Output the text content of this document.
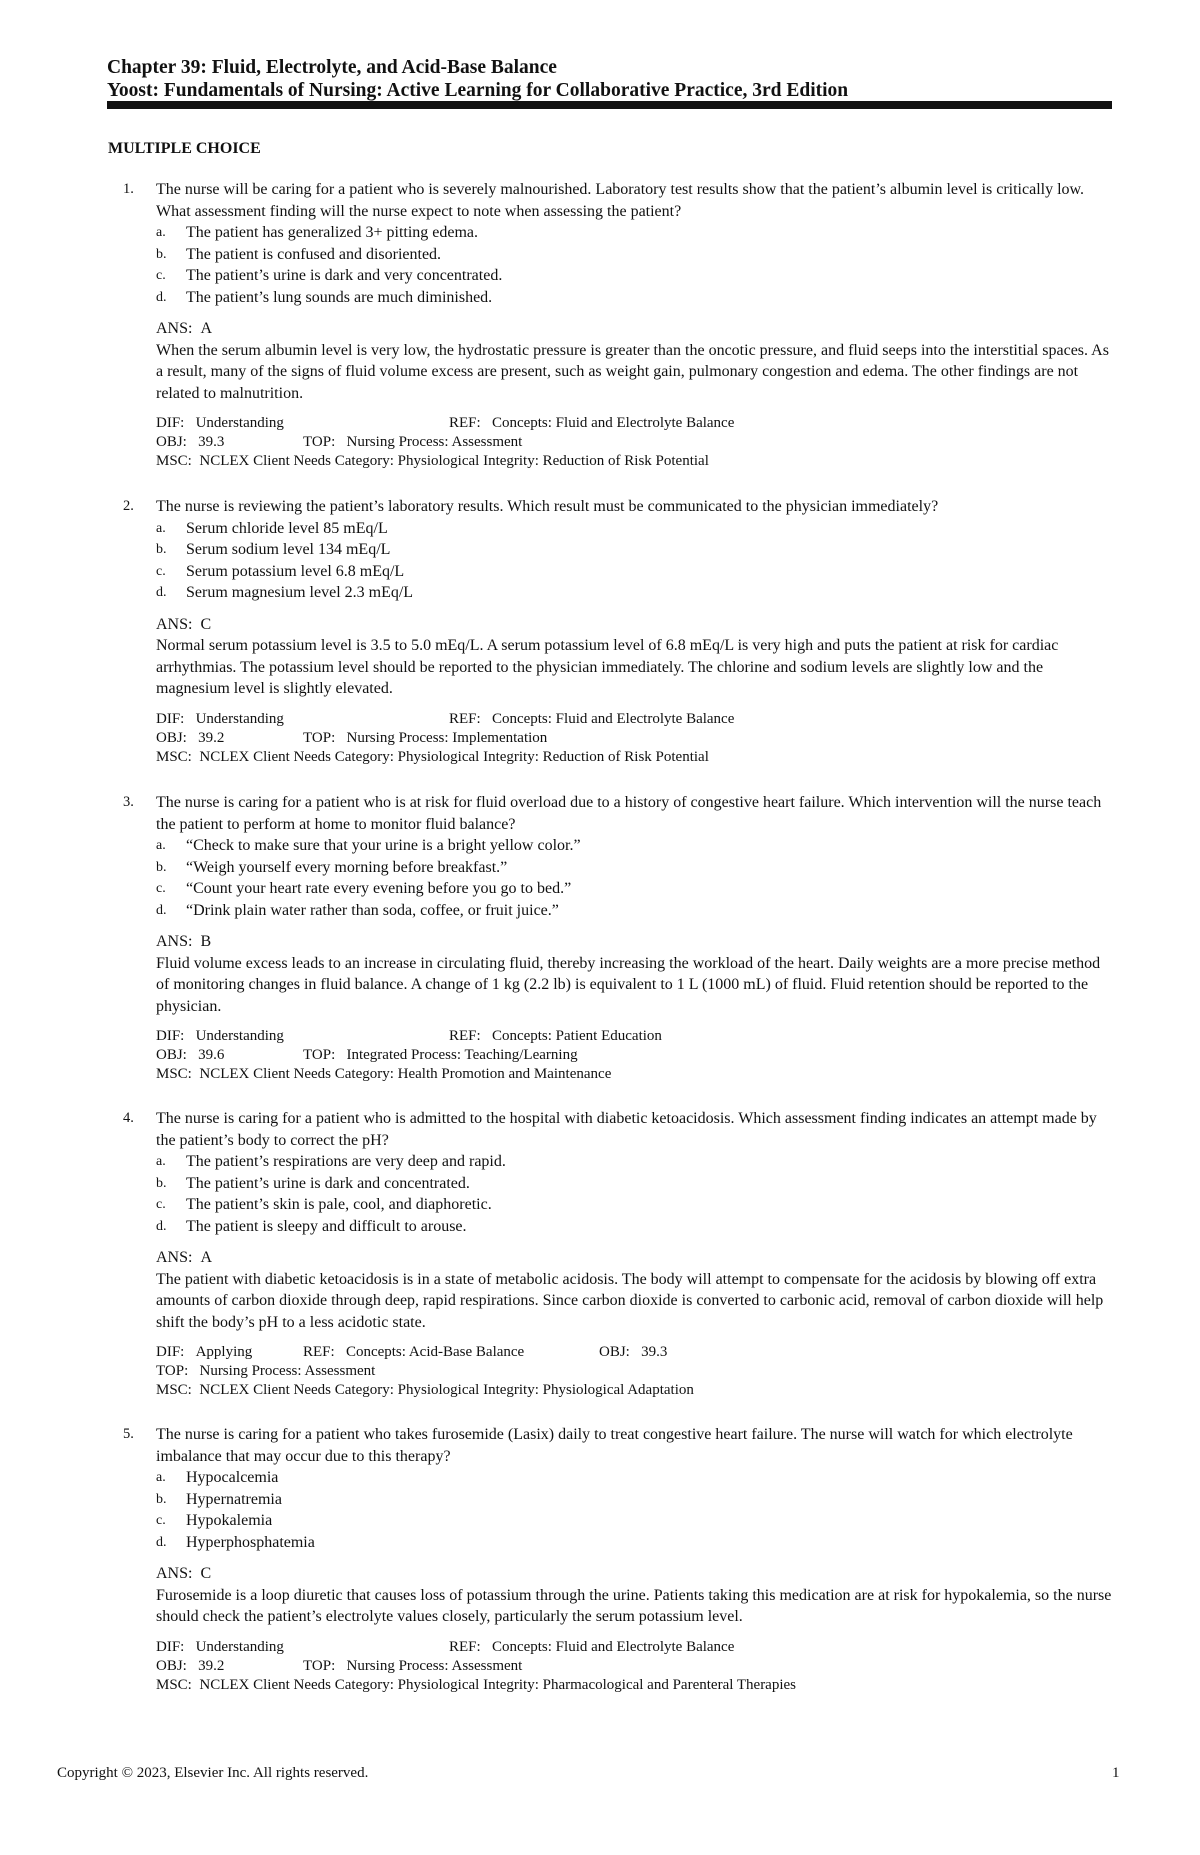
Chapter 39: Fluid, Electrolyte, and Acid-Base Balance
Yoost: Fundamentals of Nursing: Active Learning for Collaborative Practice, 3rd Edition
MULTIPLE CHOICE
1.	The nurse will be caring for a patient who is severely malnourished. Laboratory test results show that the patient’s albumin level is critically low. What assessment finding will the nurse expect to note when assessing the patient?

a. The patient has generalized 3+ pitting edema.
b. The patient is confused and disoriented.
c. The patient’s urine is dark and very concentrated.
d. The patient’s lung sounds are much diminished.
ANS: A

When the serum albumin level is very low, the hydrostatic pressure is greater than the oncotic pressure, and fluid seeps into the interstitial spaces. As a result, many of the signs of fluid volume excess are present, such as weight gain, pulmonary congestion and edema. The other findings are not related to malnutrition.

DIF: Understanding	REF: Concepts: Fluid and Electrolyte Balance
OBJ: 39.3	TOP: Nursing Process: Assessment
MSC: NCLEX Client Needs Category: Physiological Integrity: Reduction of Risk Potential
2.	The nurse is reviewing the patient’s laboratory results. Which result must be communicated to the physician immediately?

a. Serum chloride level 85 mEq/L
b. Serum sodium level 134 mEq/L
c. Serum potassium level 6.8 mEq/L
d. Serum magnesium level 2.3 mEq/L
ANS: C

Normal serum potassium level is 3.5 to 5.0 mEq/L. A serum potassium level of 6.8 mEq/L is very high and puts the patient at risk for cardiac arrhythmias. The potassium level should be reported to the physician immediately. The chlorine and sodium levels are slightly low and the magnesium level is slightly elevated.

DIF: Understanding	REF: Concepts: Fluid and Electrolyte Balance
OBJ: 39.2	TOP: Nursing Process: Implementation
MSC: NCLEX Client Needs Category: Physiological Integrity: Reduction of Risk Potential
3.	The nurse is caring for a patient who is at risk for fluid overload due to a history of congestive heart failure. Which intervention will the nurse teach the patient to perform at home to monitor fluid balance?

a. “Check to make sure that your urine is a bright yellow color.”
b. “Weigh yourself every morning before breakfast.”
c. “Count your heart rate every evening before you go to bed.”
d. “Drink plain water rather than soda, coffee, or fruit juice.”
ANS: B

Fluid volume excess leads to an increase in circulating fluid, thereby increasing the workload of the heart. Daily weights are a more precise method of monitoring changes in fluid balance. A change of 1 kg (2.2 lb) is equivalent to 1 L (1000 mL) of fluid. Fluid retention should be reported to the physician.

DIF: Understanding	REF: Concepts: Patient Education
OBJ: 39.6	TOP: Integrated Process: Teaching/Learning
MSC: NCLEX Client Needs Category: Health Promotion and Maintenance
4.	The nurse is caring for a patient who is admitted to the hospital with diabetic ketoacidosis. Which assessment finding indicates an attempt made by the patient’s body to correct the pH?

a. The patient’s respirations are very deep and rapid.
b. The patient’s urine is dark and concentrated.
c. The patient’s skin is pale, cool, and diaphoretic.
d. The patient is sleepy and difficult to arouse.
ANS: A

The patient with diabetic ketoacidosis is in a state of metabolic acidosis. The body will attempt to compensate for the acidosis by blowing off extra amounts of carbon dioxide through deep, rapid respirations. Since carbon dioxide is converted to carbonic acid, removal of carbon dioxide will help shift the body’s pH to a less acidotic state.

DIF: Applying	REF: Concepts: Acid-Base Balance	OBJ: 39.3
TOP: Nursing Process: Assessment
MSC: NCLEX Client Needs Category: Physiological Integrity: Physiological Adaptation
5.	The nurse is caring for a patient who takes furosemide (Lasix) daily to treat congestive heart failure. The nurse will watch for which electrolyte imbalance that may occur due to this therapy?

a. Hypocalcemia
b. Hypernatremia
c. Hypokalemia
d. Hyperphosphatemia
ANS: C

Furosemide is a loop diuretic that causes loss of potassium through the urine. Patients taking this medication are at risk for hypokalemia, so the nurse should check the patient’s electrolyte values closely, particularly the serum potassium level.

DIF: Understanding	REF: Concepts: Fluid and Electrolyte Balance
OBJ: 39.2	TOP: Nursing Process: Assessment
MSC: NCLEX Client Needs Category: Physiological Integrity: Pharmacological and Parenteral Therapies
Copyright © 2023, Elsevier Inc. All rights reserved.	1
